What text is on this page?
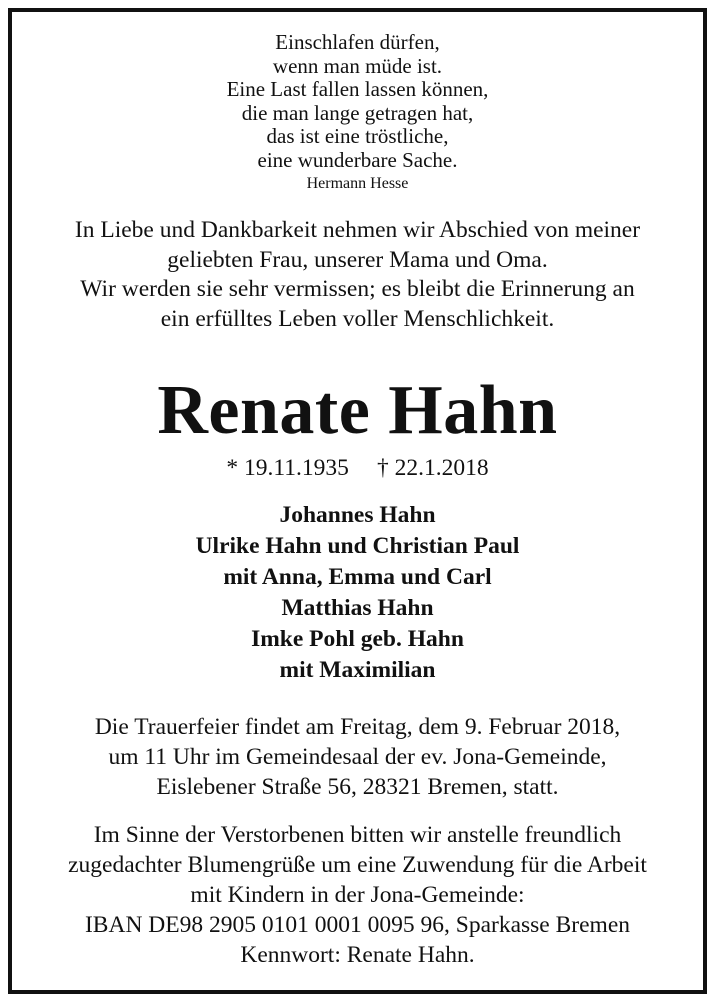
Einschlafen dürfen,
wenn man müde ist.
Eine Last fallen lassen können,
die man lange getragen hat,
das ist eine tröstliche,
eine wunderbare Sache.
Hermann Hesse
In Liebe und Dankbarkeit nehmen wir Abschied von meiner
geliebten Frau, unserer Mama und Oma.
Wir werden sie sehr vermissen; es bleibt die Erinnerung an
ein erfülltes Leben voller Menschlichkeit.
Renate Hahn
* 19.11.1935 † 22.1.2018
Johannes Hahn
Ulrike Hahn und Christian Paul
mit Anna, Emma und Carl
Matthias Hahn
Imke Pohl geb. Hahn
mit Maximilian
Die Trauerfeier findet am Freitag, dem 9. Februar 2018,
um 11 Uhr im Gemeindesaal der ev. Jona-Gemeinde,
Eislebener Straße 56, 28321 Bremen, statt.
Im Sinne der Verstorbenen bitten wir anstelle freundlich
zugedachter Blumengrüße um eine Zuwendung für die Arbeit
mit Kindern in der Jona-Gemeinde:
IBAN DE98 2905 0101 0001 0095 96, Sparkasse Bremen
Kennwort: Renate Hahn.
